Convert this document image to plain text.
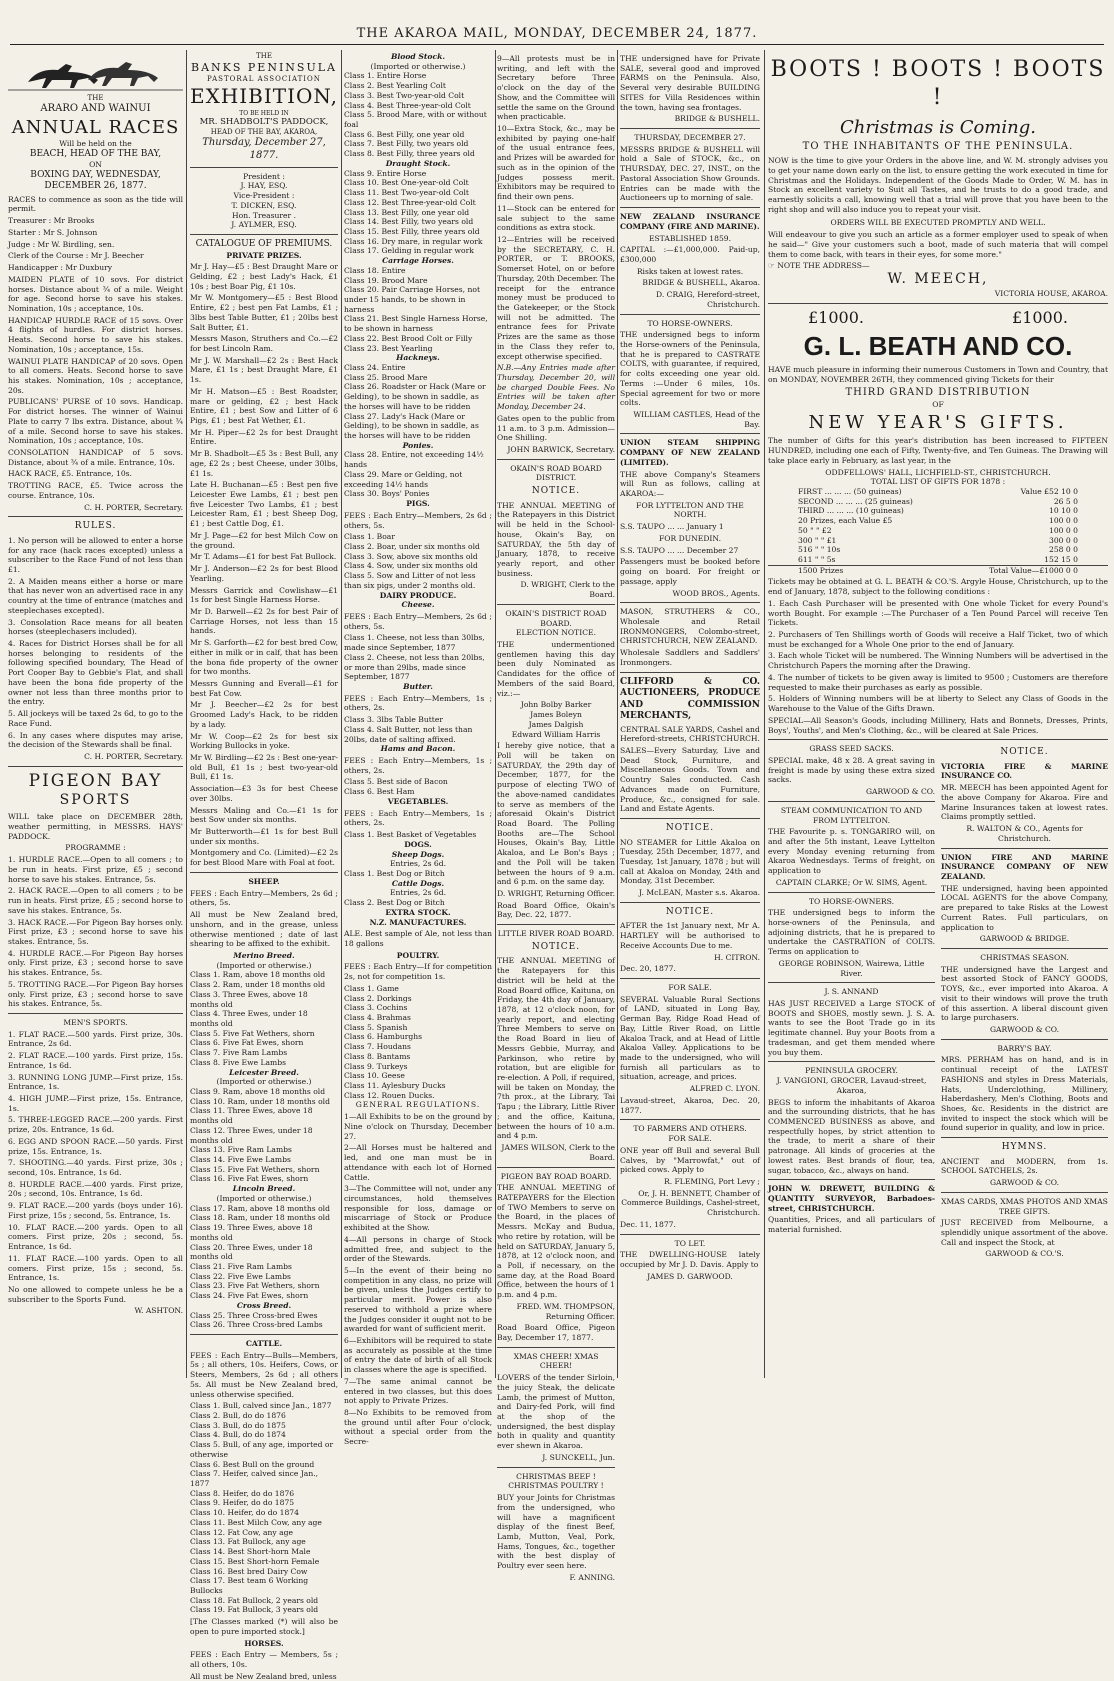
THE AKAROA MAIL, MONDAY, DECEMBER 24, 1877.
THE
ARARO AND WAINUI
ANNUAL RACES
Will be held on the
BEACH, HEAD OF THE BAY,
ON
BOXING DAY, WEDNESDAY,
DECEMBER 26, 1877.

RACES to commence as soon as the tide will permit.

Treasurer : Mr Brooks

Starter : Mr S. Johnson

Judge : Mr W. Birdling, sen.

Clerk of the Course : Mr J. Beecher

Handicapper : Mr Duxbury

MAIDEN PLATE of 10 sovs. For district horses. Distance about ¾ of a mile. Weight for age. Second horse to save his stakes. Nomination, 10s ; acceptance, 10s.

HANDICAP HURDLE RACE of 15 sovs. Over 4 flights of hurdles. For district horses. Heats. Second horse to save his stakes. Nomination, 10s ; acceptance, 15s.

WAINUI PLATE HANDICAP of 20 sovs. Open to all comers. Heats. Second horse to save his stakes. Nomination, 10s ; acceptance, 20s.

PUBLICANS' PURSE of 10 sovs. Handicap. For district horses. The winner of Wainui Plate to carry 7 lbs extra. Distance, about ¾ of a mile. Second horse to save his stakes. Nomination, 10s ; acceptance, 10s.

CONSOLATION HANDICAP of 5 sovs. Distance, about ¾ of a mile. Entrance, 10s.

HACK RACE, £5. Entrance, 10s.

TROTTING RACE, £5. Twice across the course. Entrance, 10s.

C. H. PORTER, Secretary.

RULES.

1. No person will be allowed to enter a horse for any race (hack races excepted) unless a subscriber to the Race Fund of not less than £1.

2. A Maiden means either a horse or mare that has never won an advertised race in any country at the time of entrance (matches and steeplechases excepted).

3. Consolation Race means for all beaten horses (steeplechasers included).

4. Races for District Horses shall be for all horses belonging to residents of the following specified boundary, The Head of Port Cooper Bay to Gebbie's Flat, and shall have been the bona fide property of the owner not less than three months prior to the entry.

5. All jockeys will be taxed 2s 6d, to go to the Race Fund.

6. In any cases where disputes may arise, the decision of the Stewards shall be final.

C. H. PORTER, Secretary.

PIGEON BAY
SPORTS

WILL take place on DECEMBER 28th, weather permitting, in MESSRS. HAYS' PADDOCK.

PROGRAMME :

1. HURDLE RACE.—Open to all comers ; to be run in heats. First prize, £5 ; second horse to save his stakes. Entrance, 5s.

2. HACK RACE.—Open to all comers ; to be run in heats. First prize, £5 ; second horse to save his stakes. Entrance, 5s.

3. HACK RACE.—For Pigeon Bay horses only. First prize, £3 ; second horse to save his stakes. Entrance, 5s.

4. HURDLE RACE.—For Pigeon Bay horses only. First prize, £3 ; second horse to save his stakes. Entrance, 5s.

5. TROTTING RACE.—For Pigeon Bay horses only. First prize, £3 ; second horse to save his stakes. Entrance, 5s.

MEN'S SPORTS.

1. FLAT RACE.—500 yards. First prize, 30s. Entrance, 2s 6d.

2. FLAT RACE.—100 yards. First prize, 15s. Entrance, 1s 6d.

3. RUNNING LONG JUMP.—First prize, 15s. Entrance, 1s.

4. HIGH JUMP.—First prize, 15s. Entrance, 1s.

5. THREE-LEGGED RACE.—200 yards. First prize, 20s. Entrance, 1s 6d.

6. EGG AND SPOON RACE.—50 yards. First prize, 15s. Entrance, 1s.

7. SHOOTING.—40 yards. First prize, 30s ; second, 10s. Entrance, 1s 6d.

8. HURDLE RACE.—400 yards. First prize, 20s ; second, 10s. Entrance, 1s 6d.

9. FLAT RACE.—200 yards (boys under 16). First prize, 15s ; second, 5s. Entrance, 1s.

10. FLAT RACE.—200 yards. Open to all comers. First prize, 20s ; second, 5s. Entrance, 1s 6d.

11. FLAT RACE.—100 yards. Open to all comers. First prize, 15s ; second, 5s. Entrance, 1s.

No one allowed to compete unless he be a subscriber to the Sports Fund.

W. ASHTON.

THE
BANKS PENINSULA
PASTORAL ASSOCIATION
EXHIBITION,
TO BE HELD IN
MR. SHADBOLT'S PADDOCK,
HEAD OF THE BAY, AKAROA,
Thursday, December 27, 1877.
President :
J. HAY, ESQ.
Vice-President :
T. DICKEN, ESQ.
Hon. Treasurer .
J. AYLMER, ESQ.
CATALOGUE OF PREMIUMS.
PRIVATE PRIZES.

Mr J. Hay—£5 : Best Draught Mare or Gelding, £2 ; best Lady's Hack, £1 10s ; best Boar Pig, £1 10s.

Mr W. Montgomery—£5 : Best Blood Entire, £2 ; best pen Fat Lambs, £1 ; 3lbs best Table Butter, £1 ; 20lbs best Salt Butter, £1.

Messrs Mason, Struthers and Co.—£2 for best Lincoln Ram.

Mr J. W. Marshall—£2 2s : Best Hack Mare, £1 1s ; best Draught Mare, £1 1s.

Mr H. Matson—£5 : Best Roadster, mare or gelding, £2 ; best Hack Entire, £1 ; best Sow and Litter of 6 Pigs, £1 ; best Fat Wether, £1.

Mr H. Piper—£2 2s for best Draught Entire.

Mr B. Shadbolt—£5 3s : Best Bull, any age, £2 2s ; best Cheese, under 30lbs, £1 1s.

Late H. Buchanan—£5 : Best pen five Leicester Ewe Lambs, £1 ; best pen five Leicester Two Lambs, £1 ; best Leicester Ram, £1 ; best Sheep Dog, £1 ; best Cattle Dog, £1.

Mr J. Page—£2 for best Milch Cow on the ground.

Mr T. Adams—£1 for best Fat Bullock.

Mr J. Anderson—£2 2s for best Blood Yearling.

Messrs Garrick and Cowlishaw—£1 1s for best Single Harness Horse.

Mr D. Barwell—£2 2s for best Pair of Carriage Horses, not less than 15 hands.

Mr S. Garforth—£2 for best bred Cow, either in milk or in calf, that has been the bona fide property of the owner for two months.

Messrs Gunning and Everall—£1 for best Fat Cow.

Mr J. Beecher—£2 2s for best Groomed Lady's Hack, to be ridden by a lady.

Mr W. Coop—£2 2s for best six Working Bullocks in yoke.

Mr W. Birdling—£2 2s : Best one-year-old Bull, £1 1s ; best two-year-old Bull, £1 1s.

Association—£3 3s for best Cheese over 30lbs.

Messrs Maling and Co.—£1 1s for best Sow under six months.

Mr Butterworth—£1 1s for best Bull under six months.

Montgomery and Co. (Limited)—£2 2s for best Blood Mare with Foal at foot.

SHEEP.

FEES : Each Entry—Members, 2s 6d ; others, 5s.

All must be New Zealand bred, unshorn, and in the grease, unless otherwise mentioned ; date of last shearing to be affixed to the exhibit.

Merino Breed.
(Imported or otherwise.)
Class 1. Ram, above 18 months old
Class 2. Ram, under 18 months old
Class 3. Three Ewes, above 18 months old
Class 4. Three Ewes, under 18 months old
Class 5. Five Fat Wethers, shorn
Class 6. Five Fat Ewes, shorn
Class 7. Five Ram Lambs
Class 8. Five Ewe Lambs
Leicester Breed.
(Imported or otherwise.)
Class 9. Ram, above 18 months old
Class 10. Ram, under 18 months old
Class 11. Three Ewes, above 18 months old
Class 12. Three Ewes, under 18 months old
Class 13. Five Ram Lambs
Class 14. Five Ewe Lambs
Class 15. Five Fat Wethers, shorn
Class 16. Five Fat Ewes, shorn
Lincoln Breed.
(Imported or otherwise.)
Class 17. Ram, above 18 months old
Class 18. Ram, under 18 months old
Class 19. Three Ewes, above 18 months old
Class 20. Three Ewes, under 18 months old
Class 21. Five Ram Lambs
Class 22. Five Ewe Lambs
Class 23. Five Fat Wethers, shorn
Class 24. Five Fat Ewes, shorn
Cross Breed.
Class 25. Three Cross-bred Ewes
Class 26. Three Cross-bred Lambs
CATTLE.

FEES : Each Entry—Bulls—Members, 5s ; all others, 10s. Heifers, Cows, or Steers, Members, 2s 6d ; all others 5s. All must be New Zealand bred, unless otherwise specified.

Class 1. Bull, calved since Jan., 1877
Class 2. Bull, do do 1876
Class 3. Bull, do do 1875
Class 4. Bull, do do 1874
Class 5. Bull, of any age, imported or otherwise
Class 6. Best Bull on the ground
Class 7. Heifer, calved since Jan., 1877
Class 8. Heifer, do do 1876
Class 9. Heifer, do do 1875
Class 10. Heifer, do do 1874
Class 11. Best Milch Cow, any age
Class 12. Fat Cow, any age
Class 13. Fat Bullock, any age
Class 14. Best Short-horn Male
Class 15. Best Short-horn Female
Class 16. Best bred Dairy Cow
Class 17. Best team 6 Working Bullocks
Class 18. Fat Bullock, 2 years old
Class 19. Fat Bullock, 3 years old

[The Classes marked (*) will also be open to pure imported stock.]

HORSES.

FEES : Each Entry — Members, 5s ; all others, 10s.

All must be New Zealand bred, unless

Blood Stock.
(Imported or otherwise.)
Class 1. Entire Horse
Class 2. Best Yearling Colt
Class 3. Best Two-year-old Colt
Class 4. Best Three-year-old Colt
Class 5. Brood Mare, with or without foal
Class 6. Best Filly, one year old
Class 7. Best Filly, two years old
Class 8. Best Filly, three years old
Draught Stock.
Class 9. Entire Horse
Class 10. Best One-year-old Colt
Class 11. Best Two-year-old Colt
Class 12. Best Three-year-old Colt
Class 13. Best Filly, one year old
Class 14. Best Filly, two years old
Class 15. Best Filly, three years old
Class 16. Dry mare, in regular work
Class 17. Gelding in regular work
Carriage Horses.
Class 18. Entire
Class 19. Brood Mare
Class 20. Pair Carriage Horses, not under 15 hands, to be shown in harness
Class 21. Best Single Harness Horse, to be shown in harness
Class 22. Best Brood Colt or Filly
Class 23. Best Yearling
Hackneys.
Class 24. Entire
Class 25. Brood Mare
Class 26. Roadster or Hack (Mare or Gelding), to be shown in saddle, as the horses will have to be ridden
Class 27. Lady's Hack (Mare or Gelding), to be shown in saddle, as the horses will have to be ridden
Ponies.
Class 28. Entire, not exceeding 14½ hands
Class 29. Mare or Gelding, not exceeding 14½ hands
Class 30. Boys' Ponies
PIGS.

FEES : Each Entry—Members, 2s 6d ; others, 5s.

Class 1. Boar
Class 2. Boar, under six months old
Class 3. Sow, above six months old
Class 4. Sow, under six months old
Class 5. Sow and Litter of not less than six pigs, under 2 months old.
DAIRY PRODUCE.
Cheese.

FEES : Each Entry—Members, 2s 6d ; others, 5s.

Class 1. Cheese, not less than 30lbs, made since September, 1877
Class 2. Cheese, not less than 20lbs, or more than 29lbs, made since September, 1877
Butter.

FEES : Each Entry—Members, 1s ; others, 2s.

Class 3. 3lbs Table Butter
Class 4. Salt Butter, not less than 20lbs, date of salting affixed.
Hams and Bacon.

FEES : Each Entry—Members, 1s ; others, 2s.

Class 5. Best side of Bacon
Class 6. Best Ham
VEGETABLES.

FEES : Each Entry—Members, 1s ; others, 2s.

Class 1. Best Basket of Vegetables
DOGS.
Sheep Dogs.
Entries, 2s 6d.
Class 1. Best Dog or Bitch
Cattle Dogs.
Entries, 2s 6d.
Class 2. Best Dog or Bitch
EXTRA STOCK.
N.Z. MANUFACTURES.

ALE. Best sample of Ale, not less than 18 gallons

POULTRY.

FEES : Each Entry—If for competition 2s, not for competition 1s.

Class 1. Game
Class 2. Dorkings
Class 3. Cochins
Class 4. Brahmas
Class 5. Spanish
Class 6. Hamburghs
Class 7. Houdans
Class 8. Bantams
Class 9. Turkeys
Class 10. Geese
Class 11. Aylesbury Ducks
Class 12. Rouen Ducks.
GENERAL REGULATIONS.

1—All Exhibits to be on the ground by Nine o'clock on Thursday, December 27.

2—All Horses must be haltered and led, and one man must be in attendance with each lot of Horned Cattle.

3—The Committee will not, under any circumstances, hold themselves responsible for loss, damage or miscarriage of Stock or Produce exhibited at the Show.

4—All persons in charge of Stock admitted free, and subject to the order of the Stewards.

5—In the event of their being no competition in any class, no prize will be given, unless the Judges certify to particular merit. Power is also reserved to withhold a prize where the Judges consider it ought not to be awarded for want of sufficient merit.

6—Exhibitors will be required to state as accurately as possible at the time of entry the date of birth of all Stock in classes where the age is specified.

7—The same animal cannot be entered in two classes, but this does not apply to Private Prizes.

8—No Exhibits to be removed from the ground until after Four o'clock, without a special order from the Secre-

9—All protests must be in writing, and left with the Secretary before Three o'clock on the day of the Show, and the Committee will settle the same on the Ground when practicable.

10—Extra Stock, &c., may be exhibited by paying one-half of the usual entrance fees, and Prizes will be awarded for such as in the opinion of the Judges possess merit. Exhibitors may be required to find their own pens.

11—Stock can be entered for sale subject to the same conditions as extra stock.

12—Entries will be received by the SECRETARY, C. H. PORTER, or T. BROOKS, Somerset Hotel, on or before Thursday, 20th December. The receipt for the entrance money must be produced to the Gatekeeper, or the Stock will not be admitted. The entrance fees for Private Prizes are the same as those in the Class they refer to, except otherwise specified.

N.B.—Any Entries made after Thursday, December 20, will be charged Double Fees. No Entries will be taken after Monday, December 24.

Gates open to the public from 11 a.m. to 3 p.m. Admission—One Shilling.

JOHN BARWICK, Secretary.

OKAIN'S ROAD BOARD DISTRICT.
NOTICE.

THE ANNUAL MEETING of the Ratepayers in this District will be held in the School-house, Okain's Bay, on SATURDAY, the 5th day of January, 1878, to receive yearly report, and other business.

D. WRIGHT, Clerk to the Board.

OKAIN'S DISTRICT ROAD BOARD.
ELECTION NOTICE.

THE undermentioned gentlemen having this day been duly Nominated as Candidates for the office of Members of the said Board, viz.:—

John Bolby Barker
James Boleyn
James Dalgish
Edward William Harris

I hereby give notice, that a Poll will be taken on SATURDAY, the 29th day of December, 1877, for the purpose of electing TWO of the above-named candidates to serve as members of the aforesaid Okain's District Road Board. The Polling Booths are—The School Houses, Okain's Bay, Little Akaloa, and Le Bon's Bays ; and the Poll will be taken between the hours of 9 a.m. and 6 p.m. on the same day.

D. WRIGHT, Returning Officer.

Road Board Office, Okain's Bay, Dec. 22, 1877.

LITTLE RIVER ROAD BOARD.
NOTICE.

THE ANNUAL MEETING of the Ratepayers for this district will be held at the Road Board office, Kaituna, on Friday, the 4th day of January, 1878, at 12 o'clock noon, for yearly report, and electing Three Members to serve on the Road Board in lieu of Messrs Gebbie, Murray, and Parkinson, who retire by rotation, but are eligible for re-election. A Poll, if required, will be taken on Monday, the 7th prox., at the Library, Tai Tapu ; the Library, Little River ; and the office, Kaituna, between the hours of 10 a.m. and 4 p.m.

JAMES WILSON, Clerk to the Board.

PIGEON BAY ROAD BOARD.

THE ANNUAL MEETING of RATEPAYERS for the Election of TWO Members to serve on the Board, in the places of Messrs. McKay and Budua, who retire by rotation, will be held on SATURDAY, January 5, 1878, at 12 o'clock noon, and a Poll, if necessary, on the same day, at the Road Board Office, between the hours of 1 p.m. and 4 p.m.

FRED. WM. THOMPSON, Returning Officer.

Road Board Office, Pigeon Bay, December 17, 1877.

XMAS CHEER! XMAS CHEER!

LOVERS of the tender Sirloin, the juicy Steak, the delicate Lamb, the primest of Mutton, and Dairy-fed Pork, will find at the shop of the undersigned, the best display both in quality and quantity ever shewn in Akaroa.

J. SUNCKELL, Jun.

CHRISTMAS BEEF ! CHRISTMAS POULTRY !

BUY your Joints for Christmas from the undersigned, who will have a magnificent display of the finest Beef, Lamb, Mutton, Veal, Pork, Hams, Tongues, &c., together with the best display of Poultry ever seen here.

F. ANNING.

THE undersigned have for Private SALE, several good and improved FARMS on the Peninsula. Also, Several very desirable BUILDING SITES for Villa Residences within the town, having sea frontages.

BRIDGE & BUSHELL.

THURSDAY, DECEMBER 27.

MESSRS BRIDGE & BUSHELL will hold a Sale of STOCK, &c., on THURSDAY, DEC. 27, INST., on the Pastoral Association Show Grounds. Entries can be made with the Auctioneers up to morning of sale.

NEW ZEALAND INSURANCE COMPANY (FIRE AND MARINE).

ESTABLISHED 1859.

CAPITAL :—£1,000,000. Paid-up, £300,000

Risks taken at lowest rates.

BRIDGE & BUSHELL, Akaroa.

D. CRAIG, Hereford-street, Christchurch.

TO HORSE-OWNERS.

THE undersigned begs to inform the Horse-owners of the Peninsula, that he is prepared to CASTRATE COLTS, with guarantee, if required, for colts exceeding one year old. Terms :—Under 6 miles, 10s. Special agreement for two or more colts.

WILLIAM CASTLES, Head of the Bay.

UNION STEAM SHIPPING COMPANY OF NEW ZEALAND (LIMITED).

THE above Company's Steamers will Run as follows, calling at AKAROA:—

FOR LYTTELTON AND THE NORTH.

S.S. TAUPO ... ... January 1

FOR DUNEDIN.

S.S. TAUPO ... ... December 27

Passengers must be booked before going on board. For freight or passage, apply

WOOD BROS., Agents.

MASON, STRUTHERS & CO., Wholesale and Retail IRONMONGERS, Colombo-street, CHRISTCHURCH, NEW ZEALAND.

Wholesale Saddlers and Saddlers' Ironmongers.

CLIFFORD & CO. AUCTIONEERS, PRODUCE AND COMMISSION MERCHANTS,

CENTRAL SALE YARDS, Cashel and Hereford-streets, CHRISTCHURCH.

SALES—Every Saturday, Live and Dead Stock, Furniture, and Miscellaneous Goods. Town and Country Sales conducted. Cash Advances made on Furniture, Produce, &c., consigned for sale. Land and Estate Agents.

NOTICE.

NO STEAMER for Little Akaloa on Tuesday, 25th December, 1877, and Tuesday, 1st January, 1878 ; but will call at Akaloa on Monday, 24th and Monday, 31st December.

J. McLEAN, Master s.s. Akaroa.

NOTICE.

AFTER the 1st January next, Mr A. HARTLEY will be authorised to Receive Accounts Due to me.

H. CITRON.

Dec. 20, 1877.

FOR SALE.

SEVERAL Valuable Rural Sections of LAND, situated in Long Bay, German Bay, Ridge Road Head of Bay, Little River Road, on Little Akaloa Track, and at Head of Little Akaloa Valley. Applications to be made to the undersigned, who will furnish all particulars as to situation, acreage, and prices.

ALFRED C. LYON.

Lavaud-street, Akaroa, Dec. 20, 1877.

TO FARMERS AND OTHERS.
FOR SALE.

ONE year off Bull and several Bull Calves, by "Marrowfat," out of picked cows. Apply to

R. FLEMING, Port Levy ;

Or, J. H. BENNETT, Chamber of Commerce Buildings, Cashel-street, Christchurch.

Dec. 11, 1877.

TO LET.

THE DWELLING-HOUSE lately occupied by Mr J. D. Davis. Apply to

JAMES D. GARWOOD.
BOOTS ! BOOTS ! BOOTS !
Christmas is Coming.
TO THE INHABITANTS OF THE PENINSULA.

NOW is the time to give your Orders in the above line, and W. M. strongly advises you to get your name down early on the list, to ensure getting the work executed in time for Christmas and the Holidays. Independent of the Goods Made to Order, W. M. has in Stock an excellent variety to Suit all Tastes, and he trusts to do a good trade, and earnestly solicits a call, knowing well that a trial will prove that you have been to the right shop and will also induce you to repeat your visit.

ORDERS WILL BE EXECUTED PROMPTLY AND WELL.

Will endeavour to give you such an article as a former employer used to speak of when he said—" Give your customers such a boot, made of such materia that will compel them to come back, with tears in their eyes, for some more."

☞ NOTE THE ADDRESS—
W. MEECH,
VICTORIA HOUSE, AKAROA.
£1000.	£1000.
G. L. BEATH AND CO.

HAVE much pleasure in informing their numerous Customers in Town and Country, that on MONDAY, NOVEMBER 26TH, they commenced giving Tickets for their

THIRD GRAND DISTRIBUTION
OF
NEW YEAR'S GIFTS.

The number of Gifts for this year's distribution has been increased to FIFTEEN HUNDRED, including one each of Fifty, Twenty-five, and Ten Guineas. The Drawing will take place early in February, as last year, in the

ODDFELLOWS' HALL, LICHFIELD-ST., CHRISTCHURCH.
TOTAL LIST OF GIFTS FOR 1878 :
FIRST ... ... ... (50 guineas)	Value £52 10 0
SECOND ... ... ... (25 guineas)	26 5 0
THIRD ... ... ... (10 guineas)	10 10 0
20 Prizes, each Value £5	100 0 0
50 " " £2	100 0 0
300 " " £1	300 0 0
516 " " 10s	258 0 0
611 " " 5s	152 15 0
1500 Prizes	Total Value—£1000 0 0

Tickets may be obtained at G. L. BEATH & CO.'S. Argyle House, Christchurch, up to the end of January, 1878, subject to the following conditions :

1. Each Cash Purchaser will be presented with One whole Ticket for every Pound's worth Bought. For example :—The Purchaser of a Ten Pound Parcel will receive Ten Tickets.

2. Purchasers of Ten Shillings worth of Goods will receive a Half Ticket, two of which must be exchanged for a Whole One prior to the end of January.

3. Each whole Ticket will be numbered. The Winning Numbers will be advertised in the Christchurch Papers the morning after the Drawing.

4. The number of tickets to be given away is limited to 9500 ; Customers are therefore requested to make their purchases as early as possible.

5. Holders of Winning numbers will be at liberty to Select any Class of Goods in the Warehouse to the Value of the Gifts Drawn.

SPECIAL—All Season's Goods, including Millinery, Hats and Bonnets, Dresses, Prints, Boys', Youths', and Men's Clothing, &c., will be cleared at Sale Prices.

GRASS SEED SACKS.

SPECIAL make, 48 x 28. A great saving in freight is made by using these extra sized sacks.

GARWOOD & CO.

STEAM COMMUNICATION TO AND FROM LYTTELTON.

THE Favourite p. s. TONGARIRO will, on and after the 5th instant, Leave Lyttelton every Monday evening returning from Akaroa Wednesdays. Terms of freight, on application to

CAPTAIN CLARKE; Or W. SIMS, Agent.
TO HORSE-OWNERS.

THE undersigned begs to inform the horse-owners of the Peninsula, and adjoining districts, that he is prepared to undertake the CASTRATION of COLTS. Terms on application to

GEORGE ROBINSON, Wairewa, Little River.
J. S. ANNAND

HAS JUST RECEIVED a Large STOCK of BOOTS and SHOES, mostly sewn. J. S. A. wants to see the Boot Trade go in its legitimate channel. Buy your Boots from a tradesman, and get them mended where you buy them.

PENINSULA GROCERY.
J. VANGIONI, GROCER, Lavaud-street, Akaroa,

BEGS to inform the inhabitants of Akaroa and the surrounding districts, that he has COMMENCED BUSINESS as above, and respectfully hopes, by strict attention to the trade, to merit a share of their patronage. All kinds of groceries at the lowest rates. Best brands of flour, tea, sugar, tobacco, &c., always on hand.

JOHN W. DREWETT, BUILDING & QUANTITY SURVEYOR, Barbadoes-street, CHRISTCHURCH.

Quantities, Prices, and all particulars of material furnished.

NOTICE.

VICTORIA FIRE & MARINE INSURANCE CO.

MR. MEECH has been appointed Agent for the above Company for Akaroa. Fire and Marine Insurances taken at lowest rates. Claims promptly settled.

R. WALTON & CO., Agents for Christchurch.

UNION FIRE AND MARINE INSURANCE COMPANY OF NEW ZEALAND.

THE undersigned, having been appointed LOCAL AGENTS for the above Company, are prepared to take Risks at the Lowest Current Rates. Full particulars, on application to

GARWOOD & BRIDGE.
CHRISTMAS SEASON.

THE undersigned have the Largest and best assorted Stock of FANCY GOODS, TOYS, &c., ever imported into Akaroa. A visit to their windows will prove the truth of this assertion. A liberal discount given to large purchasers.

GARWOOD & CO.
BARRY'S BAY.

MRS. PERHAM has on hand, and is in continual receipt of the LATEST FASHIONS and styles in Dress Materials, Hats, Underclothing, Millinery, Haberdashery, Men's Clothing, Boots and Shoes, &c. Residents in the district are invited to inspect the stock which will be found superior in quality, and low in price.

HYMNS.

ANCIENT and MODERN, from 1s. SCHOOL SATCHELS, 2s.

GARWOOD & CO.
XMAS CARDS, XMAS PHOTOS AND XMAS TREE GIFTS.

JUST RECEIVED from Melbourne, a splendidly unique assortment of the above. Call and inspect the Stock, at

GARWOOD & CO.'S.
